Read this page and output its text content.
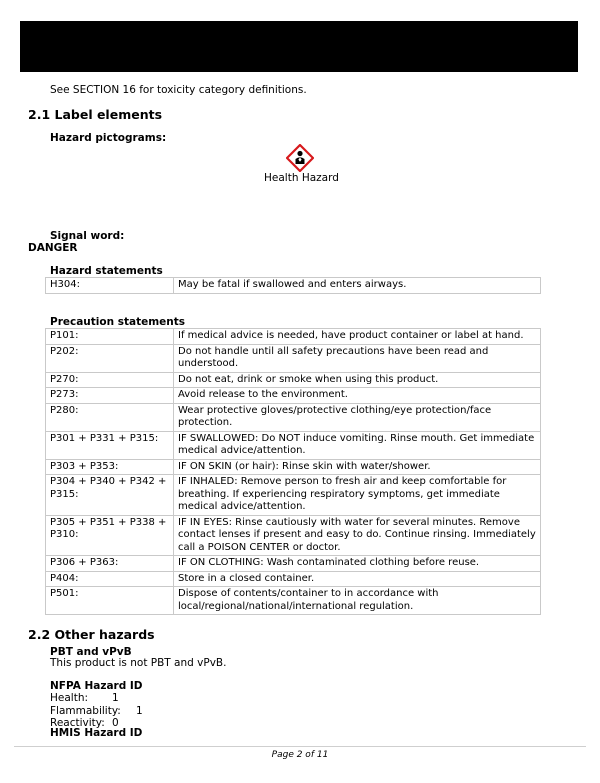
See SECTION 16 for toxicity category definitions.
2.1 Label elements
Hazard pictograms:
Health Hazard
Signal word:
DANGER
Hazard statements
H304:	May be fatal if swallowed and enters airways.
Precaution statements
P101:	If medical advice is needed, have product container or label at hand.
P202:	Do not handle until all safety precautions have been read and understood.
P270:	Do not eat, drink or smoke when using this product.
P273:	Avoid release to the environment.
P280:	Wear protective gloves/protective clothing/eye protection/face protection.
P301 + P331 + P315:	IF SWALLOWED: Do NOT induce vomiting. Rinse mouth. Get immediate medical advice/attention.
P303 + P353:	IF ON SKIN (or hair): Rinse skin with water/shower.
P304 + P340 + P342 + P315:	IF INHALED: Remove person to fresh air and keep comfortable for breathing. If experiencing respiratory symptoms, get immediate medical advice/attention.
P305 + P351 + P338 + P310:	IF IN EYES: Rinse cautiously with water for several minutes. Remove contact lenses if present and easy to do. Continue rinsing. Immediately call a POISON CENTER or doctor.
P306 + P363:	IF ON CLOTHING: Wash contaminated clothing before reuse.
P404:	Store in a closed container.
P501:	Dispose of contents/container to in accordance with local/regional/national/international regulation.
2.2 Other hazards
PBT and vPvB
This product is not PBT and vPvB.
NFPA Hazard ID
Health: 1
Flammability: 1
Reactivity: 0
HMIS Hazard ID
Page 2 of 11
